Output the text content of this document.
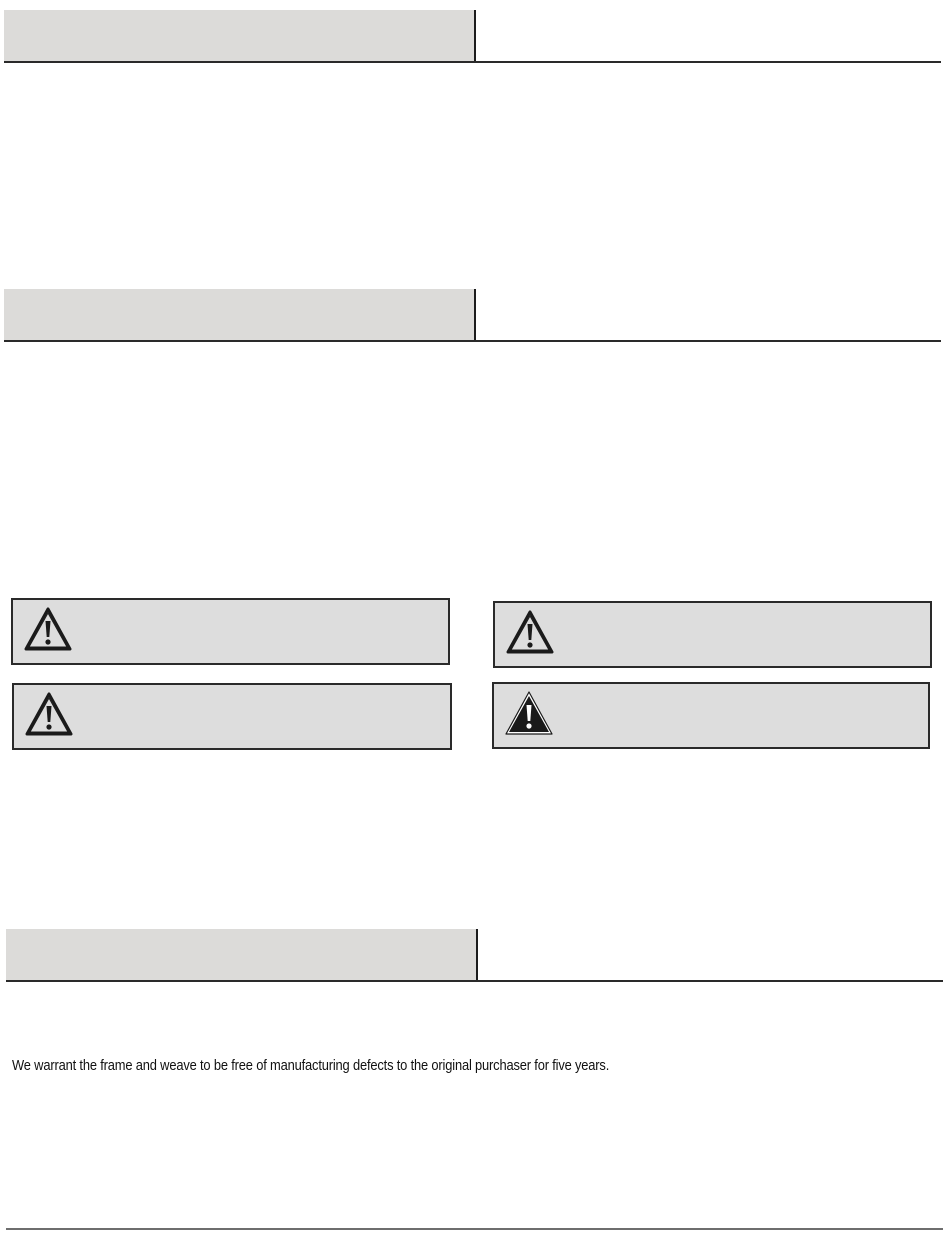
We warrant the frame and weave to be free of manufacturing defects to the original purchaser for five years.
